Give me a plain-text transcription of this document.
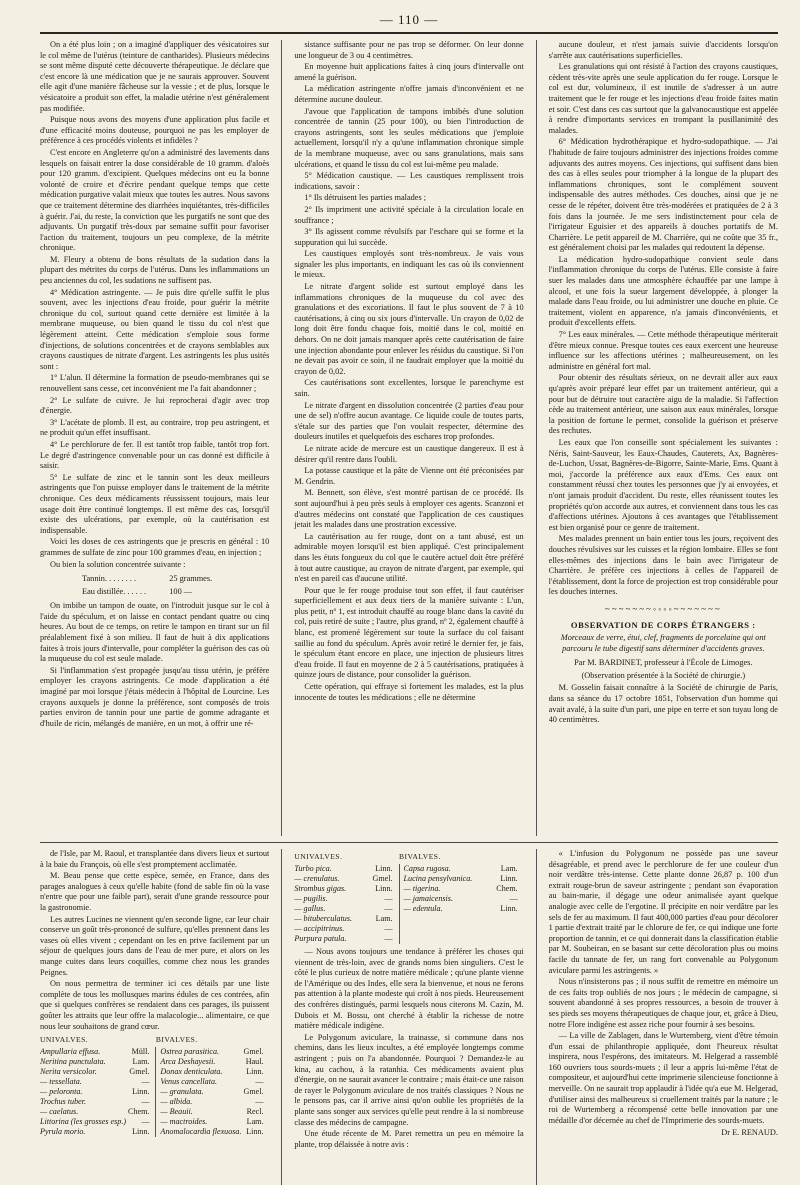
— 110 —

On a été plus loin ; on a imaginé d'appliquer des vésicatoires sur le col même de l'utérus (teinture de cantharides). Plusieurs médecins se sont même disputé cette découverte thérapeutique. Je déclare que c'est encore là une médication que je ne saurais approuver. Souvent elle agit d'une manière fâcheuse sur la vessie ; et de plus, lorsque le vésicatoire a produit son effet, la maladie utérine n'est généralement pas modifiée.

Puisque nous avons des moyens d'une application plus facile et d'une efficacité moins douteuse, pourquoi ne pas les employer de préférence à ces procédés violents et infidèles ?

C'est encore en Angleterre qu'on a administré des lavements dans lesquels on faisait entrer la dose considérable de 10 gramm. d'aloès pour 120 gramm. d'excipient. Quelques médecins ont eu la bonne volonté de croire et d'écrire pendant quelque temps que cette médication purgative valait mieux que toutes les autres. Nous savons que ce traitement détermine des diarrhées inquiétantes, très-difficiles à guérir. J'ai, du reste, la conviction que les purgatifs ne sont que des adjuvants. Un purgatif très-doux par semaine suffit pour favoriser l'action du traitement, toujours un peu complexe, de la métrite chronique.

M. Fleury a obtenu de bons résultats de la sudation dans la plupart des métrites du corps de l'utérus. Dans les inflammations un peu anciennes du col, les sudations ne suffisent pas.

4° Médication astringente. — Je puis dire qu'elle suffit le plus souvent, avec les injections d'eau froide, pour guérir la métrite chronique du col, surtout quand cette dernière est limitée à la membrane muqueuse, ou bien quand le tissu du col n'est que légèrement atteint. Cette médication s'emploie sous forme d'injections, de solutions concentrées et de crayons semblables aux crayons caustiques de nitrate d'argent. Les astringents les plus usités sont :

1° L'alun. Il détermine la formation de pseudo-membranes qui se renouvellent sans cesse, cet inconvénient me l'a fait abandonner ;

2° Le sulfate de cuivre. Je lui reprocherai d'agir avec trop d'énergie.

3° L'acétate de plomb. Il est, au contraire, trop peu astringent, et ne produit qu'un effet insuffisant.

4° Le perchlorure de fer. Il est tantôt trop faible, tantôt trop fort. Le degré d'astringence convenable pour un cas donné est difficile à saisir.

5° Le sulfate de zinc et le tannin sont les deux meilleurs astringents que l'on puisse employer dans le traitement de la métrite chronique. Ces deux médicaments réussissent toujours, mais leur usage doit être continué longtemps. Il est même des cas, lorsqu'il existe des ulcérations, par exemple, où la cautérisation est indispensable.

Voici les doses de ces astringents que je prescris en général : 10 grammes de sulfate de zinc pour 100 grammes d'eau, en injection ;

Ou bien la solution concentrée suivante :

Tannin. . . . . . . .	25 grammes.
Eau distillée. . . . . .	100 —

On imbibe un tampon de ouate, on l'introduit jusque sur le col à l'aide du spéculum, et on laisse en contact pendant quatre ou cinq heures. Au bout de ce temps, on retire le tampon en tirant sur un fil préalablement fixé à son milieu. Il faut de huit à dix applications faites à trois jours d'intervalle, pour compléter la guérison des cas où la muqueuse du col est seule malade.

Si l'inflammation s'est propagée jusqu'au tissu utérin, je préfère employer les crayons astringents. Ce mode d'application a été imaginé par moi lorsque j'étais médecin à l'hôpital de Lourcine. Les crayons auxquels je donne la préférence, sont composés de trois parties environ de tannin pour une partie de gomme adragante et d'huile de ricin, mélangés de manière, en un mot, à offrir une ré-

sistance suffisante pour ne pas trop se déformer. On leur donne une longueur de 3 ou 4 centimètres.

En moyenne huit applications faites à cinq jours d'intervalle ont amené la guérison.

La médication astringente n'offre jamais d'inconvénient et ne détermine aucune douleur.

J'avoue que l'application de tampons imbibés d'une solution concentrée de tannin (25 pour 100), ou bien l'introduction de crayons astringents, sont les seules médications que j'emploie actuellement, lorsqu'il n'y a qu'une inflammation chronique simple de la membrane muqueuse, avec ou sans granulations, mais sans ulcérations, et quand le tissu du col est lui-même peu malade.

5° Médication caustique. — Les caustiques remplissent trois indications, savoir :

1° Ils détruisent les parties malades ;

2° Ils impriment une activité spéciale à la circulation locale en souffrance ;

3° Ils agissent comme révulsifs par l'eschare qui se forme et la suppuration qui lui succède.

Les caustiques employés sont très-nombreux. Je vais vous signaler les plus importants, en indiquant les cas où ils conviennent le mieux.

Le nitrate d'argent solide est surtout employé dans les inflammations chroniques de la muqueuse du col avec des granulations et des excoriations. Il faut le plus souvent de 7 à 10 cautérisations, à cinq ou six jours d'intervalle. Un crayon de 0,02 de long doit être fondu chaque fois, moitié dans le col, moitié en dehors. On ne doit jamais manquer après cette cautérisation de faire une injection abondante pour enlever les résidus du caustique. Si l'on ne devait pas avoir ce soin, il ne faudrait employer que la moitié du crayon de 0,02.

Ces cautérisations sont excellentes, lorsque le parenchyme est sain.

Le nitrate d'argent en dissolution concentrée (2 parties d'eau pour une de sel) n'offre aucun avantage. Ce liquide coule de toutes parts, s'étale sur des parties que l'on voulait respecter, détermine des douleurs inutiles et quelquefois des eschares trop profondes.

Le nitrate acide de mercure est un caustique dangereux. Il est à désirer qu'il rentre dans l'oubli.

La potasse caustique et la pâte de Vienne ont été préconisées par M. Gendrin.

M. Bennett, son élève, s'est montré partisan de ce procédé. Ils sont aujourd'hui à peu près seuls à employer ces agents. Scanzoni et d'autres médecins ont constaté que l'application de ces caustiques jetait les malades dans une prostration excessive.

La cautérisation au fer rouge, dont on a tant abusé, est un admirable moyen lorsqu'il est bien appliqué. C'est principalement dans les états fongueux du col que le cautère actuel doit être préféré à tout autre caustique, au crayon de nitrate d'argent, par exemple, qui n'est en pareil cas d'aucune utilité.

Pour que le fer rouge produise tout son effet, il faut cautériser superficiellement et aux deux tiers de la manière suivante : L'un, plus petit, nº 1, est introduit chauffé au rouge blanc dans la cavité du col, puis retiré de suite ; l'autre, plus grand, nº 2, également chauffé à blanc, est promené légèrement sur toute la surface du col faisant saillie au fond du spéculum. Après avoir retiré le dernier fer, je fais, le spéculum étant encore en place, une injection de plusieurs litres d'eau froide. Il faut en moyenne de 2 à 5 cautérisations, pratiquées à quinze jours de distance, pour consolider la guérison.

Cette opération, qui effraye si fortement les malades, est la plus innocente de toutes les médications ; elle ne détermine

aucune douleur, et n'est jamais suivie d'accidents lorsqu'on s'arrête aux cautérisations superficielles.

Les granulations qui ont résisté à l'action des crayons caustiques, cèdent très-vite après une seule application du fer rouge. Lorsque le col est dur, volumineux, il est inutile de s'adresser à un autre traitement que le fer rouge et les injections d'eau froide faites matin et soir. C'est dans ces cas surtout que la galvanocaustique est appelée à rendre d'importants services en trompant la pusillanimité des malades.

6° Médication hydrothérapique et hydro-sudopathique. — J'ai l'habitude de faire toujours administrer des injections froides comme adjuvants des autres moyens. Ces injections, qui suffisent dans bien des cas à elles seules pour triompher à la longue de la plupart des inflammations chroniques, sont le complément souvent indispensable des autres méthodes. Ces douches, ainsi que je ne cesse de le répéter, doivent être très-modérées et pratiquées de 2 à 3 fois dans la journée. Je me sers indistinctement pour cela de l'irrigateur Eguisier et des appareils à douches portatifs de M. Charrière. Le petit appareil de M. Charrière, qui ne coûte que 35 fr., est généralement choisi par les malades qui redoutent la dépense.

La médication hydro-sudopathique convient seule dans l'inflammation chronique du corps de l'utérus. Elle consiste à faire suer les malades dans une atmosphère échauffée par une lampe à alcool, et une fois la sueur largement développée, à plonger la malade dans l'eau froide, ou lui administrer une douche en pluie. Ce traitement, violent en apparence, n'a jamais d'inconvénients, et produit d'excellents effets.

7° Les eaux minérales. — Cette méthode thérapeutique mériterait d'être mieux connue. Presque toutes ces eaux exercent une heureuse influence sur les affections utérines ; malheureusement, on les administre en général fort mal.

Pour obtenir des résultats sérieux, on ne devrait aller aux eaux qu'après avoir préparé leur effet par un traitement antérieur, qui a pour but de détruire tout caractère aigu de la maladie. Si l'affection cède au traitement antérieur, une saison aux eaux minérales, lorsque la position de fortune le permet, consolide la guérison et préserve des rechutes.

Les eaux que l'on conseille sont spécialement les suivantes : Néris, Saint-Sauveur, les Eaux-Chaudes, Cauterets, Ax, Bagnères-de-Luchon, Ussat, Bagnères-de-Bigorre, Sainte-Marie, Ems. Quant à moi, j'accorde la préférence aux eaux d'Ems. Ces eaux ont constamment réussi chez toutes les personnes que j'y ai envoyées, et n'ont jamais produit d'accident. Du reste, elles réunissent toutes les propriétés qu'on accorde aux autres, et conviennent dans tous les cas d'affections utérines. Ajoutons à ces avantages que l'établissement est bien organisé pour ce genre de traitement.

Mes malades prennent un bain entier tous les jours, reçoivent des douches révulsives sur les cuisses et la région lombaire. Elles se font elles-mêmes des injections dans le bain avec l'irrigateur de Charrière. Je préfère ces injections à celles de l'appareil de l'établissement, dont la force de projection est trop considérable pour les douches internes.

~~~~~~~◦◦◦◦~~~~~~~
OBSERVATION DE CORPS ÉTRANGERS :
Morceaux de verre, étui, clef, fragments de porcelaine qui ont parcouru le tube digestif sans déterminer d'accidents graves.
Par M. BARDINET, professeur à l'École de Limoges.
(Observation présentée à la Société de chirurgie.)

M. Gosselin faisait connaître à la Société de chirurgie de Paris, dans sa séance du 17 octobre 1851, l'observation d'un homme qui avait avalé, à la suite d'un pari, une pipe en terre et son tuyau long de 40 centimètres.

de l'Isle, par M. Raoul, et transplantée dans divers lieux et surtout à la baie du François, où elle s'est promptement acclimatée.

M. Beau pense que cette espèce, semée, en France, dans des parages analogues à ceux qu'elle habite (fond de sable fin où la vase n'entre que pour une faible part), serait d'une grande ressource pour la gastronomie.

Les autres Lucines ne viennent qu'en seconde ligne, car leur chair conserve un goût très-prononcé de sulfure, qu'elles prennent dans les vases où elles vivent ; cependant on les en prive facilement par un séjour de quelques jours dans de l'eau de mer pure, et alors on les mange cuites dans leurs coquilles, comme chez nous les grandes Peignes.

On nous permettra de terminer ici ces détails par une liste complète de tous les mollusques marins édules de ces contrées, afin que si quelques confrères se rendaient dans ces parages, ils puissent goûter les attraits que leur offre la malacologie... alimentaire, ce que nous leur souhaitons de grand cœur.

UNIVALVES.		BIVALVES.	
Ampullaria effusa.	Müll.	Ostrea parasitica.	Gmel.
Neritina punctulata.	Lam.	Arca Deshayesii.	Haul.
Nerita versicolor.	Gmel.	Donax denticulata.	Linn.
— tessellata.	—	Venus cancellata.	—
— peloronta.	Linn.	— granulata.	Gmel.
Trochus tuber.	—	— albida.	—
— caelatus.	Chem.	— Beauii.	Recl.
Littorina (les grosses esp.)	—	— mactroides.	Lam.
Pyrula morio.	Linn.	Anomalocardia flexuosa.	Linn.
UNIVALVES.		BIVALVES.	
Turbo pica.	Linn.	Capsa rugosa.	Lam.
— crenulatus.	Gmel.	Lucina pensylvanica.	Linn.
Strombus gigas.	Linn.	— tigerina.	Chem.
— pugilis.	—	— jamaicensis.	—
— gallus.	—	— edentula.	Linn.
— bituberculatus.	Lam.		
— accipitrinus.	—		
Purpura patula.	—		

— Nous avons toujours une tendance à préférer les choses qui viennent de très-loin, avec de grands noms bien singuliers. C'est le côté le plus curieux de notre matière médicale ; qu'une plante vienne de l'Amérique ou des Indes, elle sera la bienvenue, et nous ne ferons pas attention à la plante modeste qui croît à nos pieds. Heureusement des confrères distingués, parmi lesquels nous citerons M. Cazin, M. Dubois et M. Bossu, ont cherché à établir la richesse de notre matière médicale indigène.

Le Polygonum aviculare, la trainasse, si commune dans nos chemins, dans les lieux incultes, a été employée longtemps comme astringent ; puis on l'a abandonnée. Pourquoi ? Demandez-le au kina, au cachou, à la ratanhia. Ces médicaments avaient plus d'énergie, on ne saurait avancer le contraire ; mais était-ce une raison de rayer le Polygonum aviculare de nos traités classiques ? Nous ne le pensons pas, car il arrive ainsi qu'on oublie les propriétés de la plante sans songer aux services qu'elle peut rendre à la si nombreuse classe des médecins de campagne.

Une étude récente de M. Paret remettra un peu en mémoire la plante, trop délaissée à notre avis :

« L'infusion du Polygonum ne possède pas une saveur désagréable, et prend avec le perchlorure de fer une couleur d'un noir verdâtre très-intense. Cette plante donne 26,87 p. 100 d'un extrait rouge-brun de saveur astringente ; pendant son évaporation au bain-marie, il dégage une odeur animalisée ayant quelque analogie avec celle de l'ergotine. Il précipite en noir verdâtre par les sels de fer au maximum. Il faut 400,000 parties d'eau pour décolorer 1 partie d'extrait traité par le chlorure de fer, ce qui indique une forte proportion de tannin, et ce qui donnerait dans la classification établie par M. Soubeiran, en se basant sur cette décoloration plus ou moins facile du tannate de fer, un rang fort convenable au Polygonum aviculare parmi les astringents. »

Nous n'insisterons pas ; il nous suffit de remettre en mémoire un de ces faits trop oubliés de nos jours ; le médecin de campagne, si souvent abandonné à ses propres ressources, a besoin de trouver à ses pieds ses moyens thérapeutiques de chaque jour, et, grâce à Dieu, notre Flore indigène est assez riche pour fournir à ses besoins.

— La ville de Zablagen, dans le Wurtemberg, vient d'être témoin d'un essai de philanthropie appliquée, dont l'heureux résultat inspirera, nous l'espérons, des imitateurs. M. Helgerad a rassemblé 160 ouvriers tous sourds-muets ; il leur a appris lui-même l'état de compositeur, et aujourd'hui cette imprimerie silencieuse fonctionne à merveille. On ne saurait trop applaudir à l'idée qu'a eue M. Helgerad, d'utiliser ainsi des malheureux si cruellement traités par la nature ; le roi de Wurtemberg a récompensé cette belle innovation par une médaille d'or décernée au chef de l'Imprimerie des sourds-muets.

Dr E. RENAUD.
